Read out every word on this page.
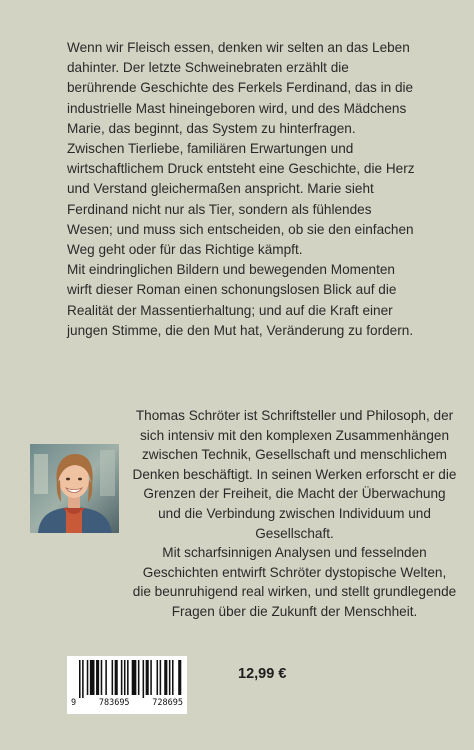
Wenn wir Fleisch essen, denken wir selten an das Leben dahinter. Der letzte Schweinebraten erzählt die berührende Geschichte des Ferkels Ferdinand, das in die industrielle Mast hineingeboren wird, und des Mädchens Marie, das beginnt, das System zu hinterfragen.

Zwischen Tierliebe, familiären Erwartungen und wirtschaftlichem Druck entsteht eine Geschichte, die Herz und Verstand gleichermaßen anspricht. Marie sieht Ferdinand nicht nur als Tier, sondern als fühlendes Wesen; und muss sich entscheiden, ob sie den einfachen Weg geht oder für das Richtige kämpft.

Mit eindringlichen Bildern und bewegenden Momenten wirft dieser Roman einen schonungslosen Blick auf die Realität der Massentierhaltung; und auf die Kraft einer jungen Stimme, die den Mut hat, Veränderung zu fordern.

Thomas Schröter ist Schriftsteller und Philosoph, der sich intensiv mit den komplexen Zusammenhängen zwischen Technik, Gesellschaft und menschlichem Denken beschäftigt. In seinen Werken erforscht er die Grenzen der Freiheit, die Macht der Überwachung und die Verbindung zwischen Individuum und Gesellschaft.

Mit scharfsinnigen Analysen und fesselnden Geschichten entwirft Schröter dystopische Welten, die beunruhigend real wirken, und stellt grundlegende Fragen über die Zukunft der Menschheit.

9	783695	728695
12,99 €
